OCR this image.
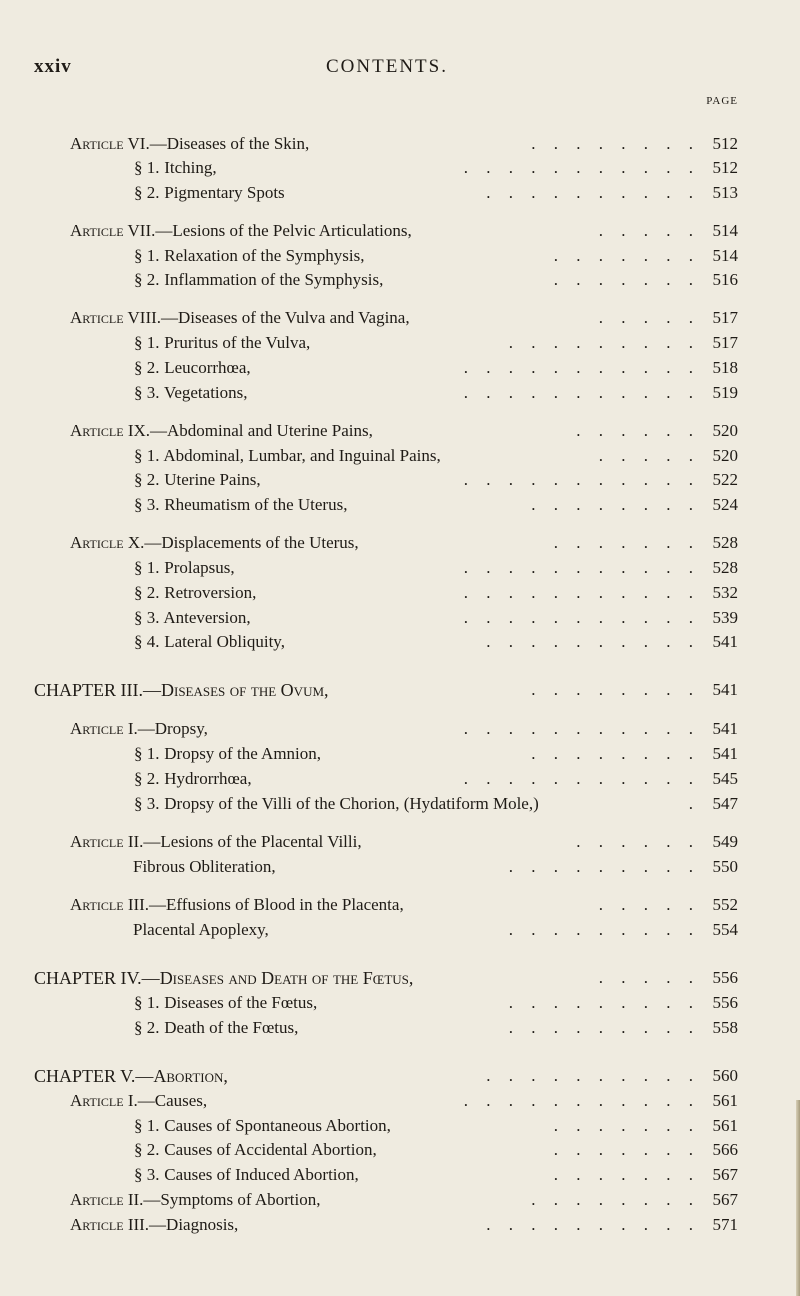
xxiv	CONTENTS.
PAGE
Article VI.—Diseases of the Skin,	. . . . . . . . 512
§ 1. Itching,	. . . . . . . . . . . 512
§ 2. Pigmentary Spots	. . . . . . . . . . 513
Article VII.—Lesions of the Pelvic Articulations,	. . . . . 514
§ 1. Relaxation of the Symphysis,	. . . . . . . 514
§ 2. Inflammation of the Symphysis,	. . . . . . . 516
Article VIII.—Diseases of the Vulva and Vagina,	. . . . . 517
§ 1. Pruritus of the Vulva,	. . . . . . . . . 517
§ 2. Leucorrhœa,	. . . . . . . . . . . 518
§ 3. Vegetations,	. . . . . . . . . . . 519
Article IX.—Abdominal and Uterine Pains,	. . . . . . 520
§ 1. Abdominal, Lumbar, and Inguinal Pains,	. . . . . 520
§ 2. Uterine Pains,	. . . . . . . . . . . 522
§ 3. Rheumatism of the Uterus,	. . . . . . . . 524
Article X.—Displacements of the Uterus,	. . . . . . . 528
§ 1. Prolapsus,	. . . . . . . . . . . 528
§ 2. Retroversion,	. . . . . . . . . . . 532
§ 3. Anteversion,	. . . . . . . . . . . 539
§ 4. Lateral Obliquity,	. . . . . . . . . . 541
CHAPTER III.—Diseases of the Ovum,	. . . . . . . . 541
Article I.—Dropsy,	. . . . . . . . . . . 541
§ 1. Dropsy of the Amnion,	. . . . . . . . 541
§ 2. Hydrorrhœa,	. . . . . . . . . . . 545
§ 3. Dropsy of the Villi of the Chorion, (Hydatiform Mole,)	. 547
Article II.—Lesions of the Placental Villi,	. . . . . . 549
Fibrous Obliteration,	. . . . . . . . . 550
Article III.—Effusions of Blood in the Placenta,	. . . . . 552
Placental Apoplexy,	. . . . . . . . . 554
CHAPTER IV.—Diseases and Death of the Fœtus,	. . . . . 556
§ 1. Diseases of the Fœtus,	. . . . . . . . . 556
§ 2. Death of the Fœtus,	. . . . . . . . . 558
CHAPTER V.—Abortion,	. . . . . . . . . . 560
Article I.—Causes,	. . . . . . . . . . . 561
§ 1. Causes of Spontaneous Abortion,	. . . . . . . 561
§ 2. Causes of Accidental Abortion,	. . . . . . . 566
§ 3. Causes of Induced Abortion,	. . . . . . . 567
Article II.—Symptoms of Abortion,	. . . . . . . . 567
Article III.—Diagnosis,	. . . . . . . . . . 571
